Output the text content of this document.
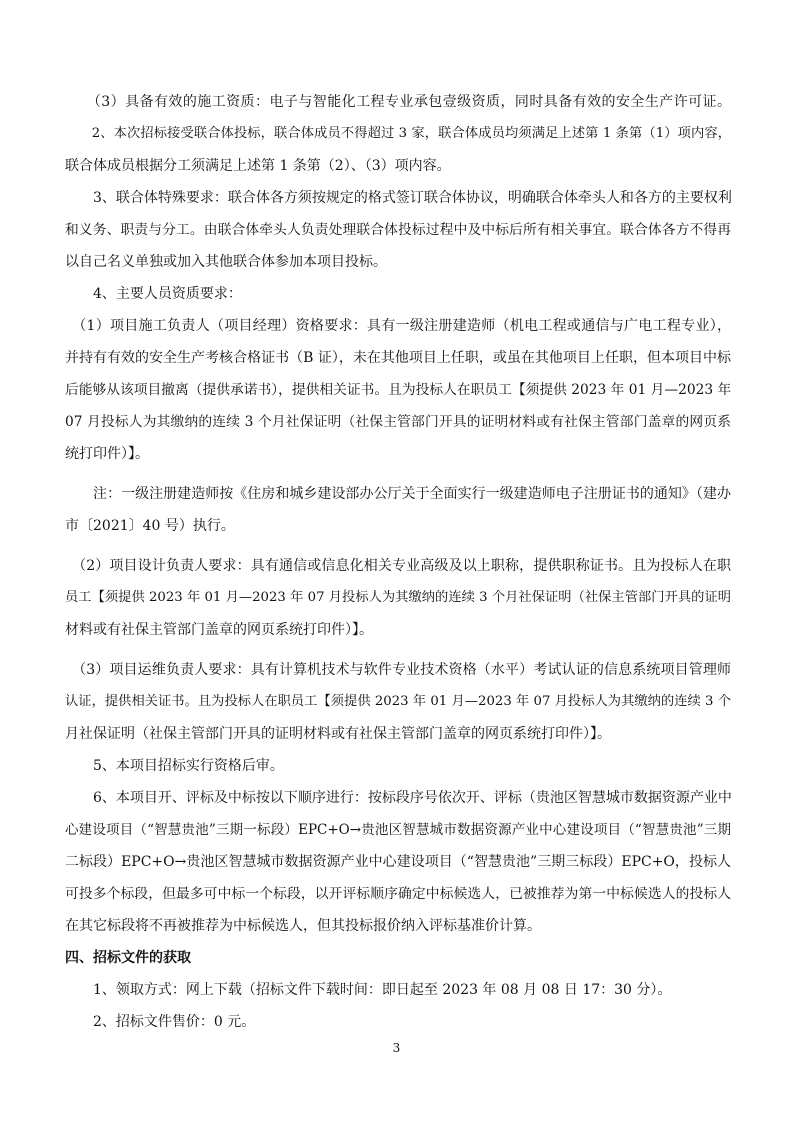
　　（3）具备有效的施工资质：电子与智能化工程专业承包壹级资质，同时具备有效的安全生产许可证。
　　2、本次招标接受联合体投标，联合体成员不得超过 3 家，联合体成员均须满足上述第 1 条第（1）项内容，
联合体成员根据分工须满足上述第 1 条第（2）、（3）项内容。
　　3、联合体特殊要求：联合体各方须按规定的格式签订联合体协议，明确联合体牵头人和各方的主要权利
和义务、职责与分工。由联合体牵头人负责处理联合体投标过程中及中标后所有相关事宜。联合体各方不得再
以自己名义单独或加入其他联合体参加本项目投标。
　　4、主要人员资质要求：
　（1）项目施工负责人（项目经理）资格要求：具有一级注册建造师（机电工程或通信与广电工程专业），
并持有有效的安全生产考核合格证书（B 证），未在其他项目上任职，或虽在其他项目上任职，但本项目中标
后能够从该项目撤离（提供承诺书），提供相关证书。且为投标人在职员工【须提供 2023 年 01 月—2023 年
07 月投标人为其缴纳的连续 3 个月社保证明（社保主管部门开具的证明材料或有社保主管部门盖章的网页系
统打印件）】。
　　注：一级注册建造师按《住房和城乡建设部办公厅关于全面实行一级建造师电子注册证书的通知》（建办
市〔2021〕40 号）执行。
　（2）项目设计负责人要求：具有通信或信息化相关专业高级及以上职称，提供职称证书。且为投标人在职
员工【须提供 2023 年 01 月—2023 年 07 月投标人为其缴纳的连续 3 个月社保证明（社保主管部门开具的证明
材料或有社保主管部门盖章的网页系统打印件）】。
　（3）项目运维负责人要求：具有计算机技术与软件专业技术资格（水平）考试认证的信息系统项目管理师
认证，提供相关证书。且为投标人在职员工【须提供 2023 年 01 月—2023 年 07 月投标人为其缴纳的连续 3 个
月社保证明（社保主管部门开具的证明材料或有社保主管部门盖章的网页系统打印件）】。
　　5、本项目招标实行资格后审。
　　6、本项目开、评标及中标按以下顺序进行：按标段序号依次开、评标（贵池区智慧城市数据资源产业中
心建设项目（“智慧贵池”三期一标段）EPC+O→贵池区智慧城市数据资源产业中心建设项目（“智慧贵池”三期
二标段）EPC+O→贵池区智慧城市数据资源产业中心建设项目（“智慧贵池”三期三标段）EPC+O，投标人
可投多个标段，但最多可中标一个标段，以开评标顺序确定中标候选人，已被推荐为第一中标候选人的投标人
在其它标段将不再被推荐为中标候选人，但其投标报价纳入评标基准价计算。
四、招标文件的获取
　　1、领取方式：网上下载（招标文件下载时间：即日起至 2023 年 08 月 08 日 17：30 分）。
　　2、招标文件售价：0 元。
3
